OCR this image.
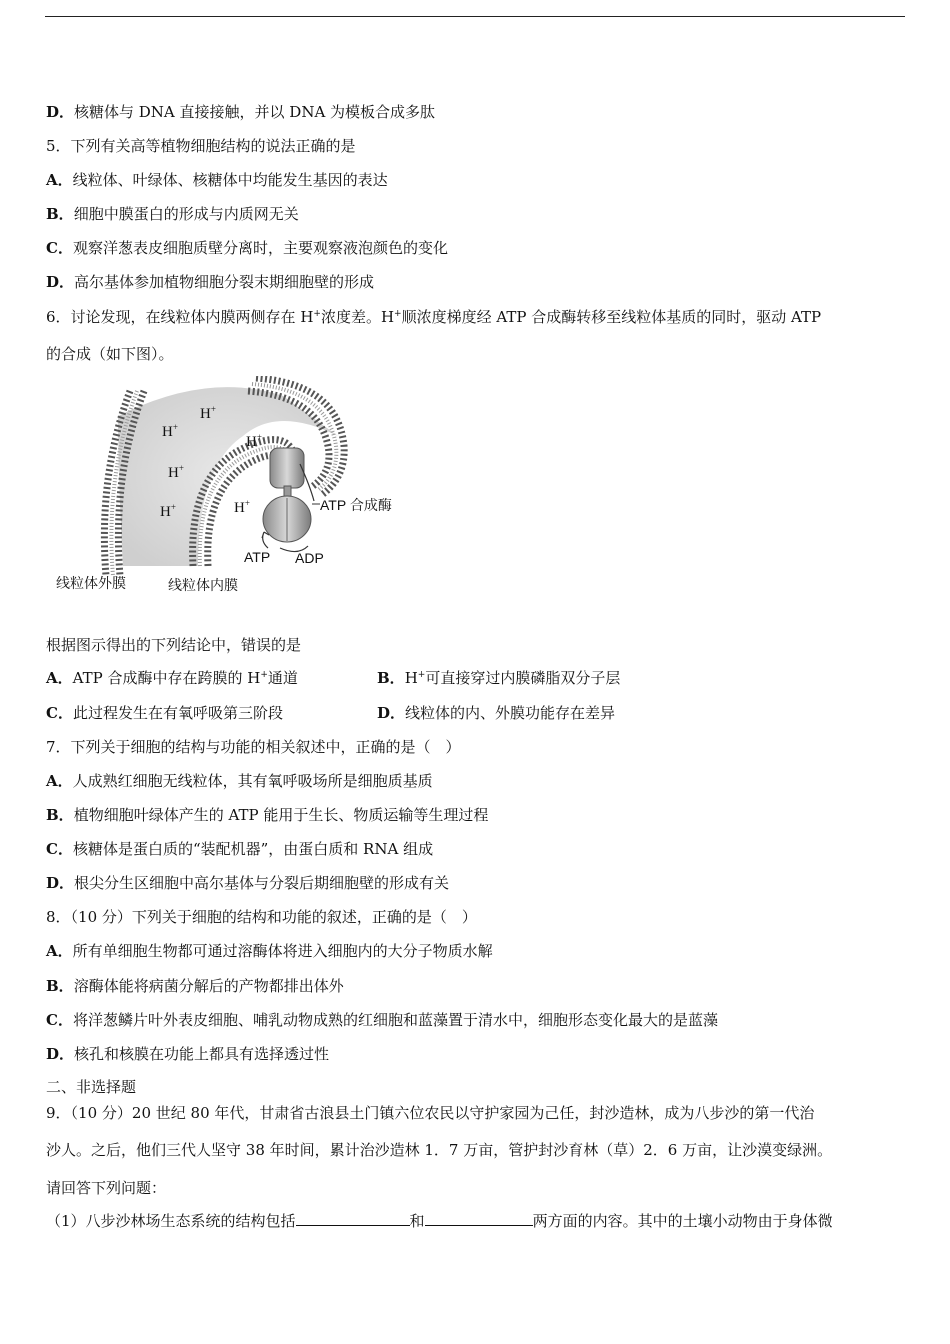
D．核糖体与 DNA 直接接触，并以 DNA 为模板合成多肽
5．下列有关高等植物细胞结构的说法正确的是
A．线粒体、叶绿体、核糖体中均能发生基因的表达
B．细胞中膜蛋白的形成与内质网无关
C．观察洋葱表皮细胞质壁分离时，主要观察液泡颜色的变化
D．高尔基体参加植物细胞分裂末期细胞壁的形成
6．讨论发现，在线粒体内膜两侧存在 H+浓度差。H+顺浓度梯度经 ATP 合成酶转移至线粒体基质的同时，驱动 ATP
的合成（如下图）。
H+
H+
H+
H+
H+
H+	ATP 合成酶
ATP ADP
线粒体外膜	线粒体内膜
根据图示得出的下列结论中，错误的是
A．ATP 合成酶中存在跨膜的 H+通道	B．H+可直接穿过内膜磷脂双分子层
C．此过程发生在有氧呼吸第三阶段	D．线粒体的内、外膜功能存在差异
7．下列关于细胞的结构与功能的相关叙述中，正确的是（　）
A．人成熟红细胞无线粒体，其有氧呼吸场所是细胞质基质
B．植物细胞叶绿体产生的 ATP 能用于生长、物质运输等生理过程
C．核糖体是蛋白质的“装配机器”，由蛋白质和 RNA 组成
D．根尖分生区细胞中高尔基体与分裂后期细胞壁的形成有关
8．（10 分）下列关于细胞的结构和功能的叙述，正确的是（　）
A．所有单细胞生物都可通过溶酶体将进入细胞内的大分子物质水解
B．溶酶体能将病菌分解后的产物都排出体外
C．将洋葱鳞片叶外表皮细胞、哺乳动物成熟的红细胞和蓝藻置于清水中，细胞形态变化最大的是蓝藻
D．核孔和核膜在功能上都具有选择透过性
二、非选择题
9．（10 分）20 世纪 80 年代，甘肃省古浪县土门镇六位农民以守护家园为己任，封沙造林，成为八步沙的第一代治
沙人。之后，他们三代人坚守 38 年时间，累计治沙造林 1．7 万亩，管护封沙育林（草）2．6 万亩，让沙漠变绿洲。
请回答下列问题：
（1）八步沙林场生态系统的结构包括	和	两方面的内容。其中的土壤小动物由于身体微
